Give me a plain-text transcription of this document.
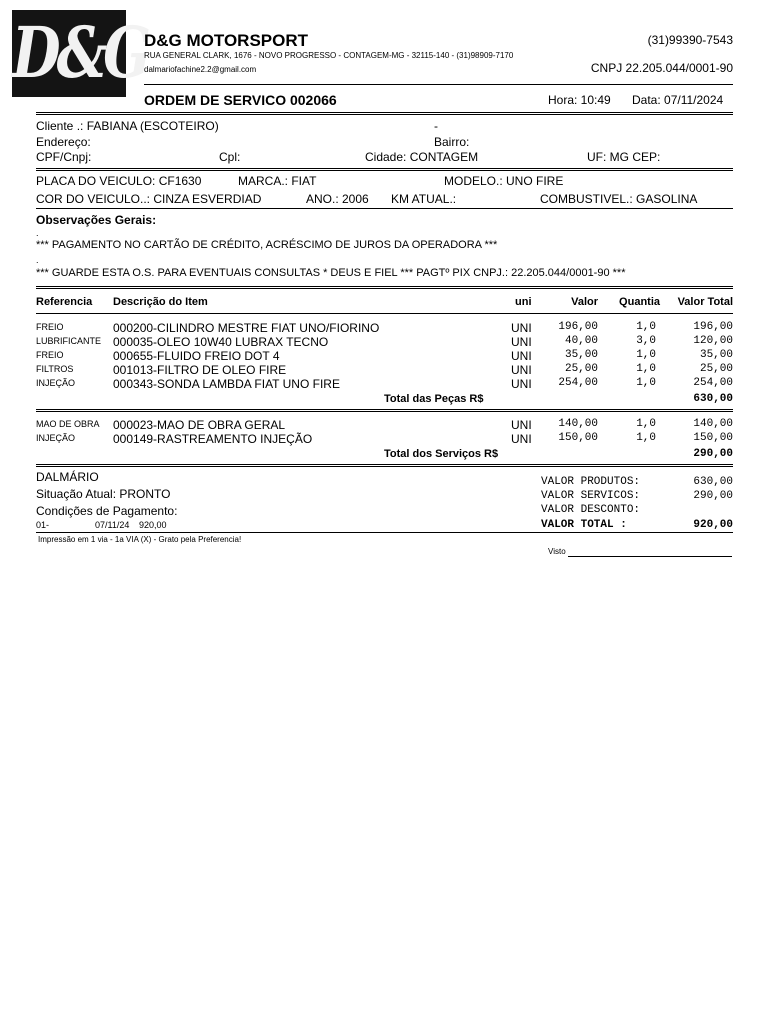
D&G
D&G MOTORSPORT
RUA GENERAL CLARK, 1676 - NOVO PROGRESSO - CONTAGEM-MG - 32115-140 - (31)98909-7170
dalmariofachine2.2@gmail.com
(31)99390-7543
CNPJ 22.205.044/0001-90
ORDEM DE SERVICO 002066	Hora: 10:49 Data: 07/11/2024
Cliente .: FABIANA (ESCOTEIRO)	-
Endereço:	Bairro:
CPF/Cnpj:	Cpl:	Cidade: CONTAGEM	UF: MG CEP:
PLACA DO VEICULO: CF1630	MARCA.: FIAT	MODELO.: UNO FIRE
COR DO VEICULO..: CINZA ESVERDIAD	ANO.: 2006 KM ATUAL.:	COMBUSTIVEL.: GASOLINA
Observações Gerais:
.
*** PAGAMENTO NO CARTÃO DE CRÉDITO, ACRÉSCIMO DE JUROS DA OPERADORA ***
.
*** GUARDE ESTA O.S. PARA EVENTUAIS CONSULTAS * DEUS E FIEL *** PAGTº PIX CNPJ.: 22.205.044/0001-90 ***
Referencia Descrição do Item	uni	Valor Quantia Valor Total
FREIO	000200-CILINDRO MESTRE FIAT UNO/FIORINO	UNI 196,00	1,0	196,00
LUBRIFICANTE 000035-OLEO 10W40 LUBRAX TECNO	UNI	40,00	3,0	120,00
FREIO	000655-FLUIDO FREIO DOT 4	UNI	35,00	1,0	35,00
FILTROS	001013-FILTRO DE OLEO FIRE	UNI	25,00	1,0	25,00
INJEÇÃO	000343-SONDA LAMBDA FIAT UNO FIRE	UNI 254,00	1,0	254,00
Total das Peças R$	630,00
MAO DE OBRA 000023-MAO DE OBRA GERAL	UNI 140,00	1,0	140,00
INJEÇÃO	000149-RASTREAMENTO INJEÇÃO	UNI 150,00	1,0	150,00
Total dos Serviços R$	290,00
DALMÁRIO
Situação Atual: PRONTO
Condições de Pagamento:
01-	07/11/24 920,00
VALOR PRODUTOS:	630,00
VALOR SERVICOS:	290,00
VALOR DESCONTO:
VALOR TOTAL :	920,00
Impressão em 1 via - 1a VIA (X) - Grato pela Preferencia!
Visto
